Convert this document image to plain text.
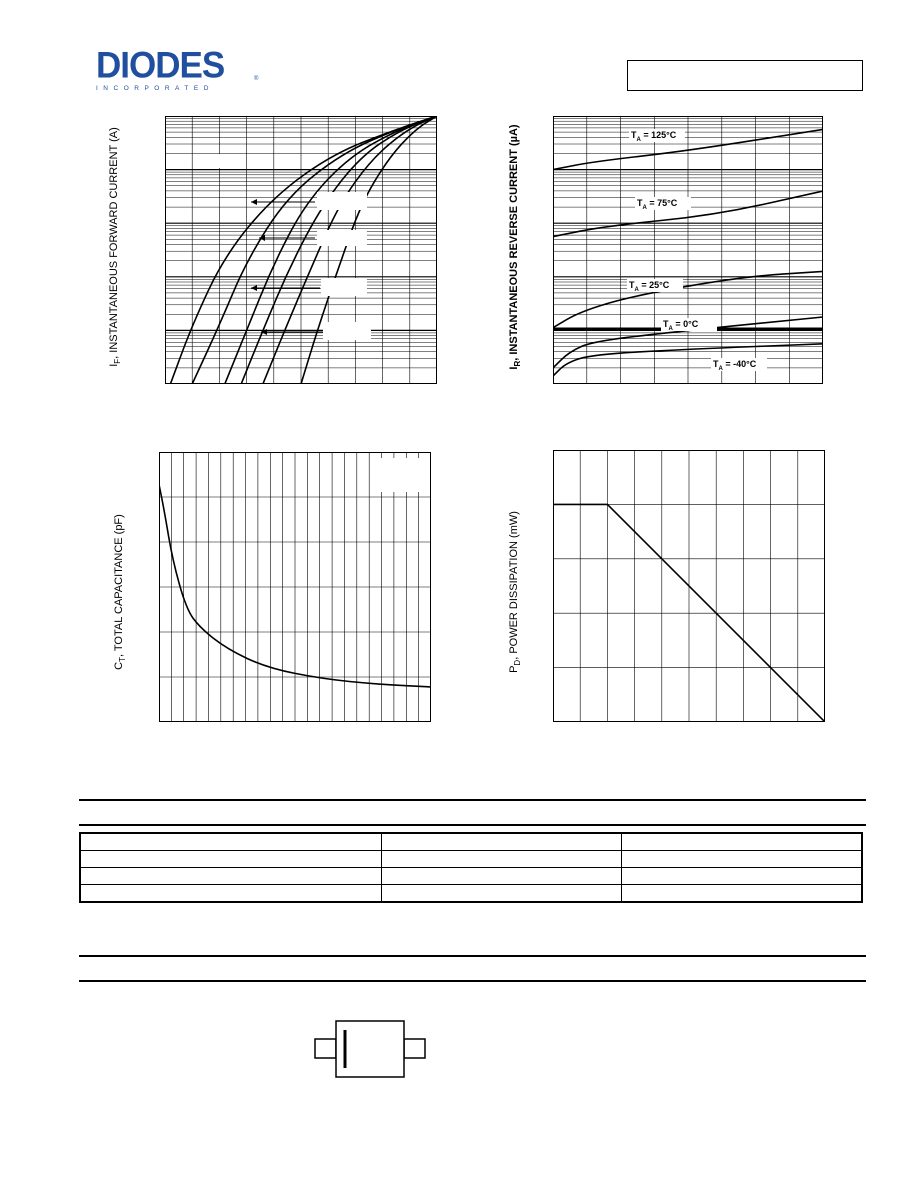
DIODES
INCORPORATED
®
$I_F$, INSTANTANEOUS FORWARD CURRENT (A)	$T_A = 125^\circ C$
$T_A = 75^\circ C$
$T_A = 25^\circ C$
$T_A = 0^\circ C$
$T_A = -40^\circ C$
$I_R$, INSTANTANEOUS REVERSE CURRENT (µA)
$C_T$, TOTAL CAPACITANCE (pF)
$P_D$, POWER DISSIPATION (mW)
